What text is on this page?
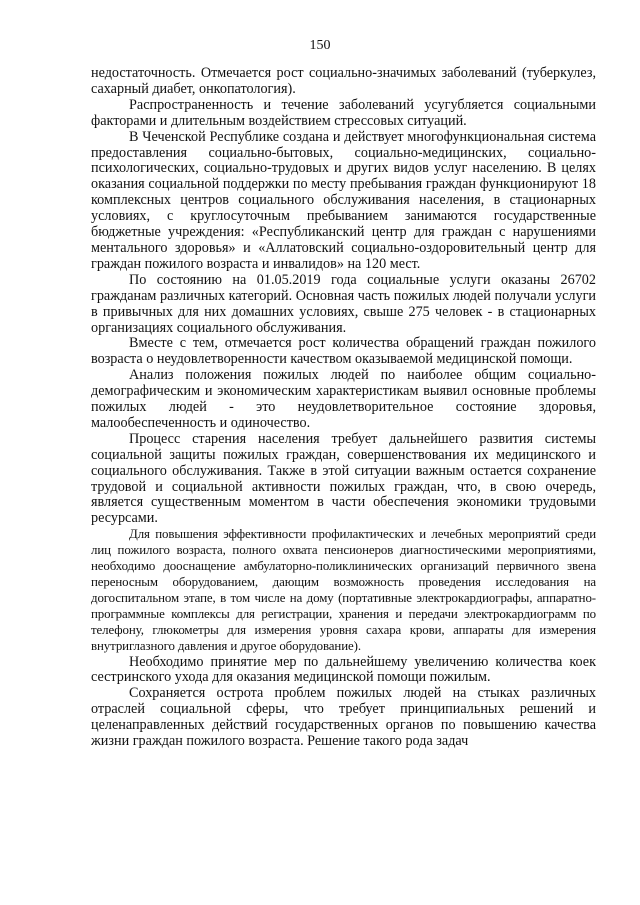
150

недостаточность. Отмечается рост социально-значимых заболеваний (туберкулез, сахарный диабет, онкопатология).

Распространенность и течение заболеваний усугубляется социальными факторами и длительным воздействием стрессовых ситуаций.

В Чеченской Республике создана и действует многофункциональная система предоставления социально-бытовых, социально-медицинских, социально-психологических, социально-трудовых и других видов услуг населению. В целях оказания социальной поддержки по месту пребывания граждан функционируют 18 комплексных центров социального обслуживания населения, в стационарных условиях, с круглосуточным пребыванием занимаются государственные бюджетные учреждения: «Республиканский центр для граждан с нарушениями ментального здоровья» и «Аллатовский социально-оздоровительный центр для граждан пожилого возраста и инвалидов» на 120 мест.

По состоянию на 01.05.2019 года социальные услуги оказаны 26702 гражданам различных категорий. Основная часть пожилых людей получали услуги в привычных для них домашних условиях, свыше 275 человек - в стационарных организациях социального обслуживания.

Вместе с тем, отмечается рост количества обращений граждан пожилого возраста о неудовлетворенности качеством оказываемой медицинской помощи.

Анализ положения пожилых людей по наиболее общим социально-демографическим и экономическим характеристикам выявил основные проблемы пожилых людей - это неудовлетворительное состояние здоровья, малообеспеченность и одиночество.

Процесс старения населения требует дальнейшего развития системы социальной защиты пожилых граждан, совершенствования их медицинского и социального обслуживания. Также в этой ситуации важным остается сохранение трудовой и социальной активности пожилых граждан, что, в свою очередь, является существенным моментом в части обеспечения экономики трудовыми ресурсами.

Для повышения эффективности профилактических и лечебных мероприятий среди лиц пожилого возраста, полного охвата пенсионеров диагностическими мероприятиями, необходимо дооснащение амбулаторно-поликлинических организаций первичного звена переносным оборудованием, дающим возможность проведения исследования на догоспитальном этапе, в том числе на дому (портативные электрокардиографы, аппаратно-программные комплексы для регистрации, хранения и передачи электрокардиограмм по телефону, глюкометры для измерения уровня сахара крови, аппараты для измерения внутриглазного давления и другое оборудование).

Необходимо принятие мер по дальнейшему увеличению количества коек сестринского ухода для оказания медицинской помощи пожилым.

Сохраняется острота проблем пожилых людей на стыках различных отраслей социальной сферы, что требует принципиальных решений и целенаправленных действий государственных органов по повышению качества жизни граждан пожилого возраста. Решение такого рода задач
